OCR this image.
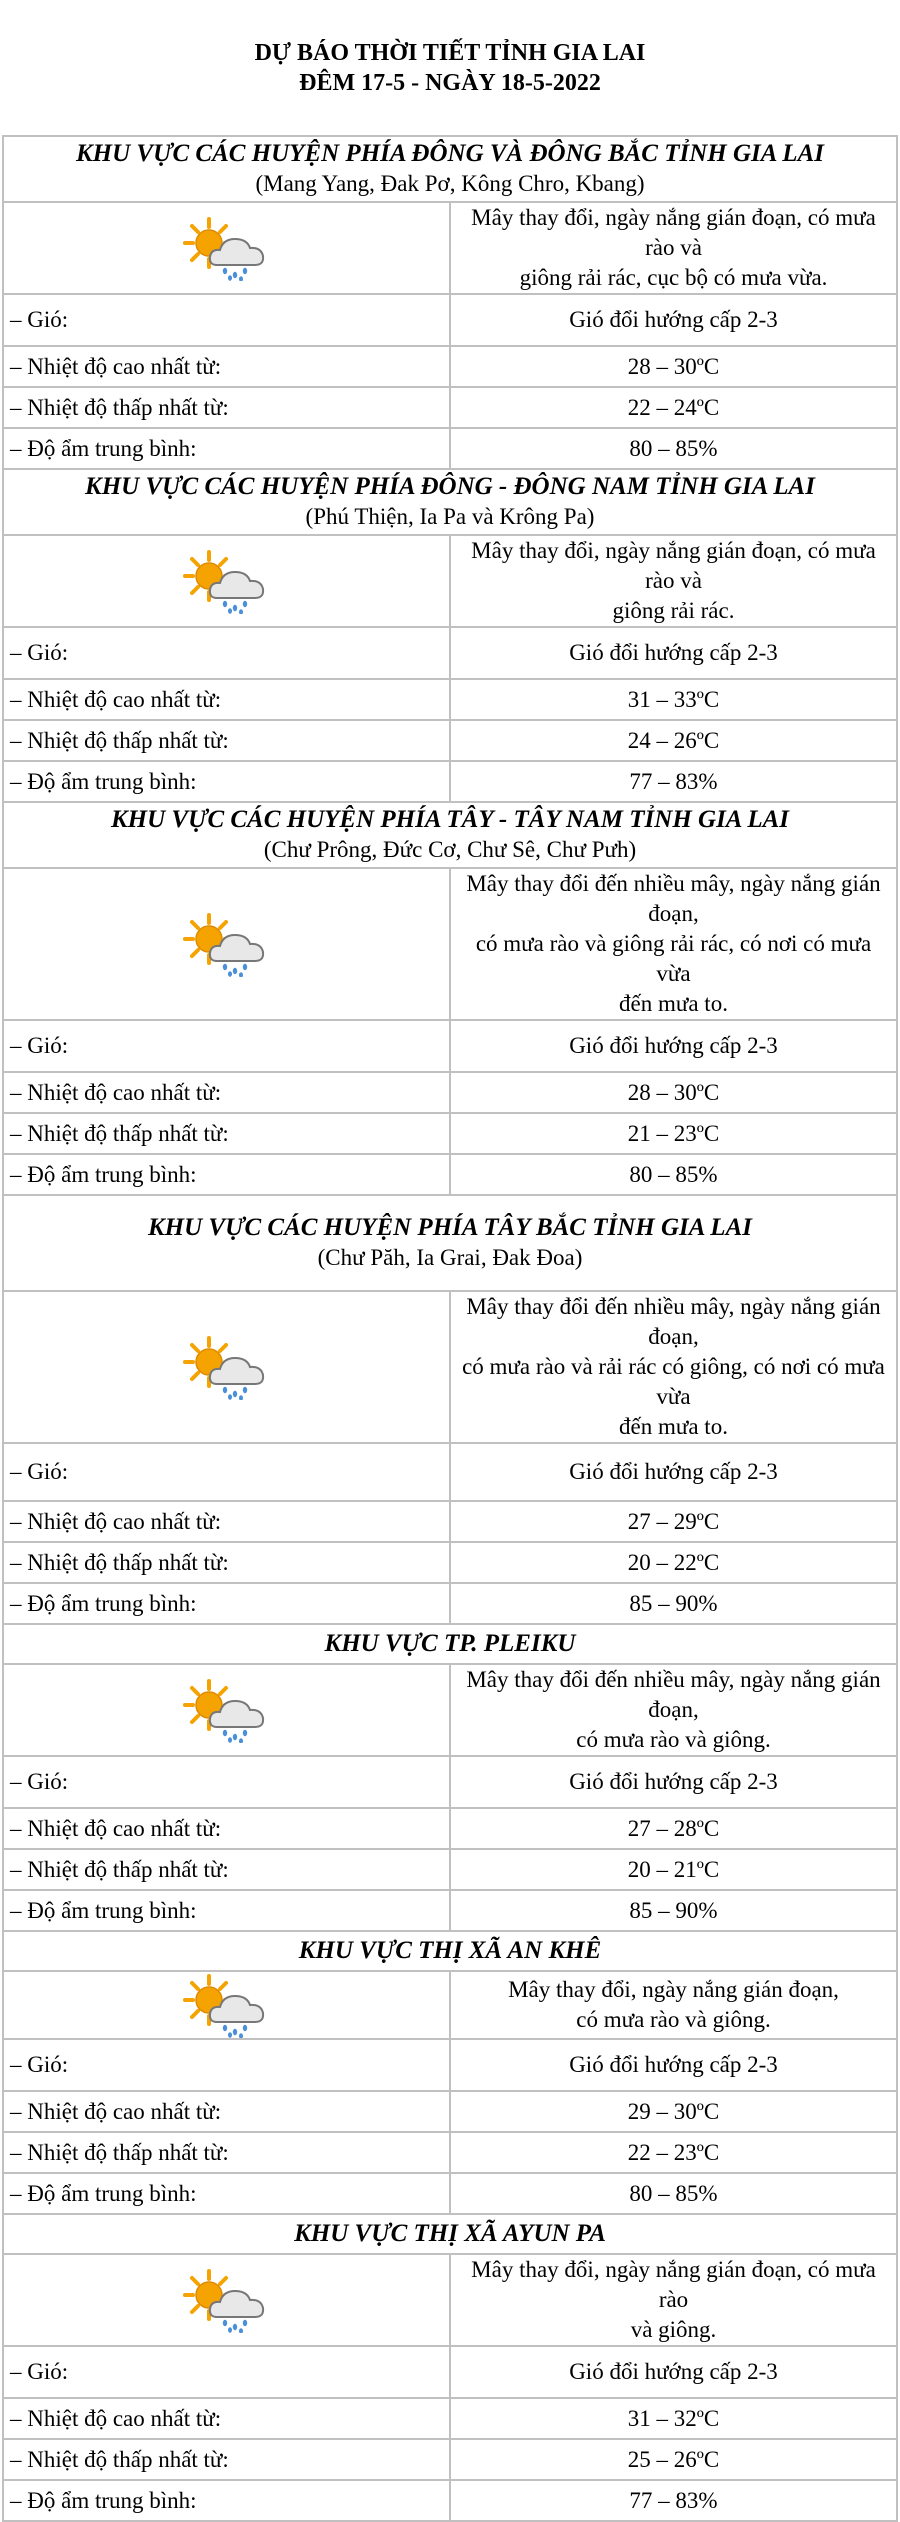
DỰ BÁO THỜI TIẾT TỈNH GIA LAI
ĐÊM 17-5 - NGÀY 18-5-2022
KHU VỰC CÁC HUYỆN PHÍA ĐÔNG VÀ ĐÔNG BẮC TỈNH GIA LAI
(Mang Yang, Đak Pơ, Kông Chro, Kbang)	

Mây thay đổi, ngày nắng gián đoạn, có mưa rào và
giông rải rác, cục bộ có mưa vừa.

– Gió:	Gió đổi hướng cấp 2-3
– Nhiệt độ cao nhất từ:	28 – 30ºC
– Nhiệt độ thấp nhất từ:	22 – 24ºC
– Độ ẩm trung bình:	80 – 85%

KHU VỰC CÁC HUYỆN PHÍA ĐÔNG - ĐÔNG NAM TỈNH GIA LAI
(Phú Thiện, Ia Pa và Krông Pa)	

Mây thay đổi, ngày nắng gián đoạn, có mưa rào và
giông rải rác.

– Gió:	Gió đổi hướng cấp 2-3
– Nhiệt độ cao nhất từ:	31 – 33ºC
– Nhiệt độ thấp nhất từ:	24 – 26ºC
– Độ ẩm trung bình:	77 – 83%

KHU VỰC CÁC HUYỆN PHÍA TÂY - TÂY NAM TỈNH GIA LAI
(Chư Prông, Đức Cơ, Chư Sê, Chư Pưh)	

Mây thay đổi đến nhiều mây, ngày nắng gián đoạn,
có mưa rào và giông rải rác, có nơi có mưa vừa
đến mưa to.

– Gió:	Gió đổi hướng cấp 2-3
– Nhiệt độ cao nhất từ:	28 – 30ºC
– Nhiệt độ thấp nhất từ:	21 – 23ºC
– Độ ẩm trung bình:	80 – 85%

KHU VỰC CÁC HUYỆN PHÍA TÂY BẮC TỈNH GIA LAI
(Chư Păh, Ia Grai, Đak Đoa)	

Mây thay đổi đến nhiều mây, ngày nắng gián đoạn,
có mưa rào và rải rác có giông, có nơi có mưa vừa
đến mưa to.

– Gió:	Gió đổi hướng cấp 2-3
– Nhiệt độ cao nhất từ:	27 – 29ºC
– Nhiệt độ thấp nhất từ:	20 – 22ºC
– Độ ẩm trung bình:	85 – 90%

KHU VỰC TP. PLEIKU	

Mây thay đổi đến nhiều mây, ngày nắng gián đoạn,
có mưa rào và giông.

– Gió:	Gió đổi hướng cấp 2-3
– Nhiệt độ cao nhất từ:	27 – 28ºC
– Nhiệt độ thấp nhất từ:	20 – 21ºC
– Độ ẩm trung bình:	85 – 90%

KHU VỰC THỊ XÃ AN KHÊ	

Mây thay đổi, ngày nắng gián đoạn,
có mưa rào và giông.

– Gió:	Gió đổi hướng cấp 2-3
– Nhiệt độ cao nhất từ:	29 – 30ºC
– Nhiệt độ thấp nhất từ:	22 – 23ºC
– Độ ẩm trung bình:	80 – 85%

KHU VỰC THỊ XÃ AYUN PA	

Mây thay đổi, ngày nắng gián đoạn, có mưa rào
và giông.

– Gió:	Gió đổi hướng cấp 2-3
– Nhiệt độ cao nhất từ:	31 – 32ºC
– Nhiệt độ thấp nhất từ:	25 – 26ºC
– Độ ẩm trung bình:	77 – 83%
